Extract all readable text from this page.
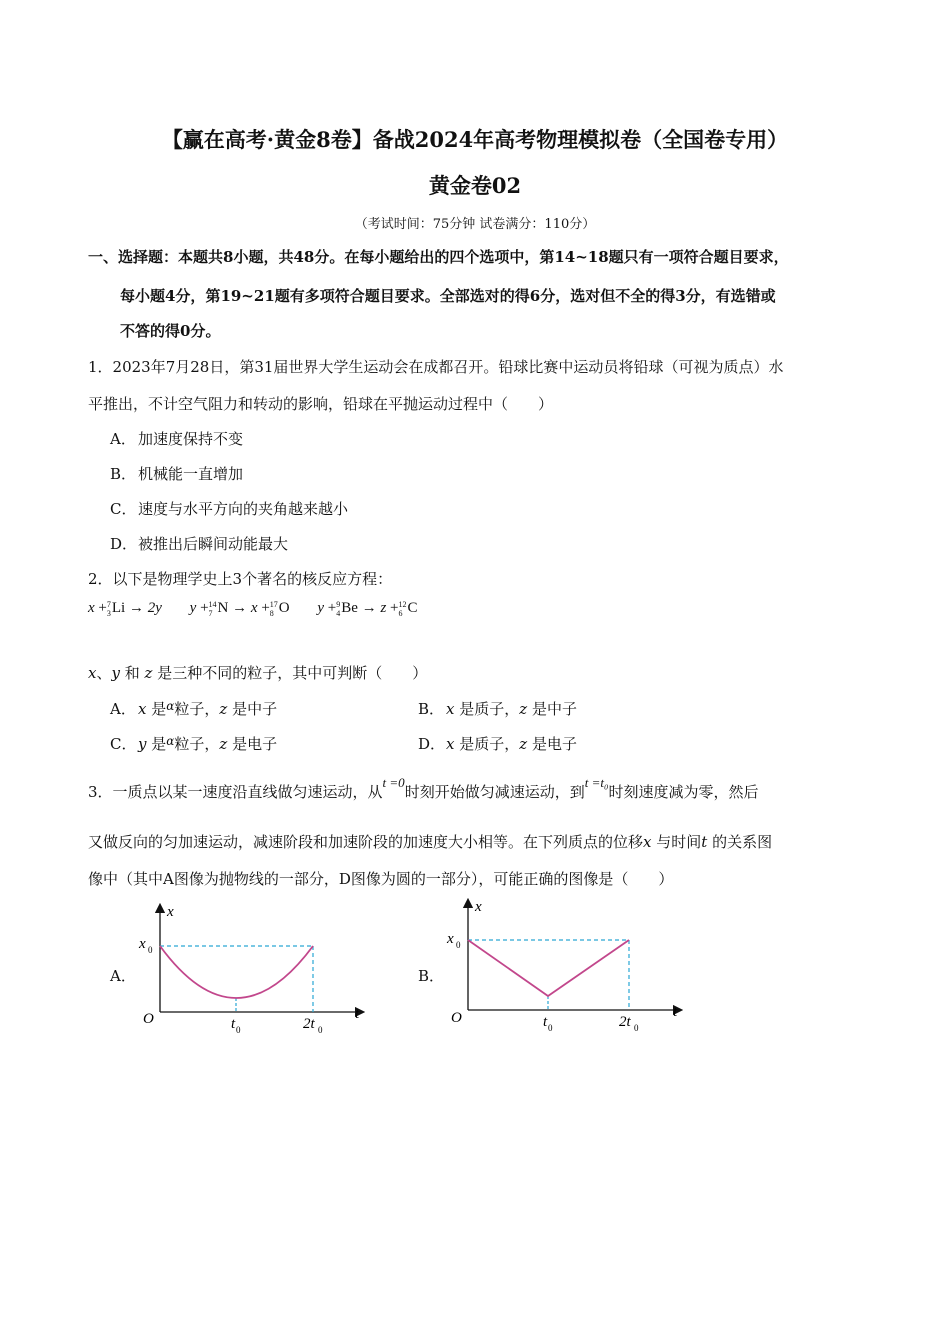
【赢在高考·黄金8卷】备战2024年高考物理模拟卷（全国卷专用）
黄金卷02
（考试时间：75分钟 试卷满分：110分）
一、选择题：本题共8小题，共48分。在每小题给出的四个选项中，第14~18题只有一项符合题目要求，
每小题4分，第19~21题有多项符合题目要求。全部选对的得6分，选对但不全的得3分，有选错或
不答的得0分。
1．2023年7月28日，第31届世界大学生运动会在成都召开。铅球比赛中运动员将铅球（可视为质点）水
平推出，不计空气阻力和转动的影响，铅球在平抛运动过程中（　　）
A． 加速度保持不变
B． 机械能一直增加
C． 速度与水平方向的夹角越来越小
D．被推出后瞬间动能最大
2．以下是物理学史上3个著名的核反应方程：
x + 7
3 Li → 2y y + 14
7 N → x + 17
8 O y + 9
4 Be → z + 12
6 C
x、y 和 z 是三种不同的粒子，其中可判断（　　）
A． x 是$^\alpha$粒子，z 是中子	B． x 是质子，z 是中子
C． y 是$^\alpha$粒子，z 是电子	D．x 是质子，z 是电子
3．一质点以某一速度沿直线做匀速运动，从t =0时刻开始做匀减速运动，到t =t₀时刻速度减为零，然后
又做反向的匀加速运动，减速阶段和加速阶段的加速度大小相等。在下列质点的位移x 与时间t 的关系图
像中（其中A图像为抛物线的一部分，D图像为圆的一部分），可能正确的图像是（　　）
A．
x
t
O
x 0
t 0	2t 0
B．
x
t
O
x 0
t 0	2t 0
